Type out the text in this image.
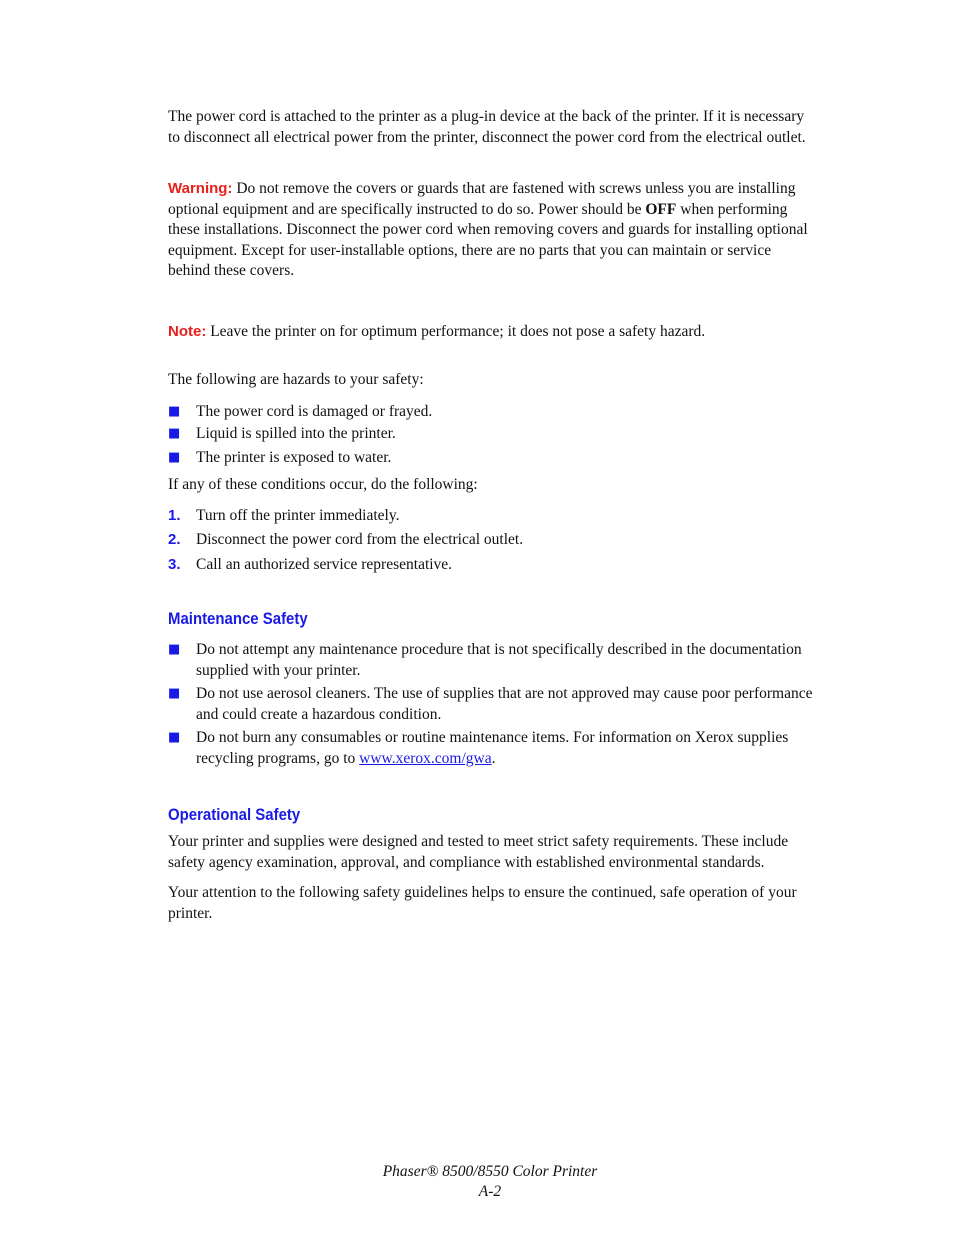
The power cord is attached to the printer as a plug-in device at the back of the printer. If it is necessary to disconnect all electrical power from the printer, disconnect the power cord from the electrical outlet.

Warning: Do not remove the covers or guards that are fastened with screws unless you are installing optional equipment and are specifically instructed to do so. Power should be OFF when performing these installations. Disconnect the power cord when removing covers and guards for installing optional equipment. Except for user-installable options, there are no parts that you can maintain or service behind these covers.

Note: Leave the printer on for optimum performance; it does not pose a safety hazard.

The following are hazards to your safety:

■ The power cord is damaged or frayed.
■ Liquid is spilled into the printer.
■ The printer is exposed to water.

If any of these conditions occur, do the following:

1. Turn off the printer immediately.
2. Disconnect the power cord from the electrical outlet.
3. Call an authorized service representative.
Maintenance Safety
■ Do not attempt any maintenance procedure that is not specifically described in the documentation supplied with your printer.
■ Do not use aerosol cleaners. The use of supplies that are not approved may cause poor performance and could create a hazardous condition.
■ Do not burn any consumables or routine maintenance items. For information on Xerox supplies recycling programs, go to www.xerox.com/gwa.
Operational Safety

Your printer and supplies were designed and tested to meet strict safety requirements. These include safety agency examination, approval, and compliance with established environmental standards.

Your attention to the following safety guidelines helps to ensure the continued, safe operation of your printer.

Phaser® 8500/8550 Color Printer
A-2
